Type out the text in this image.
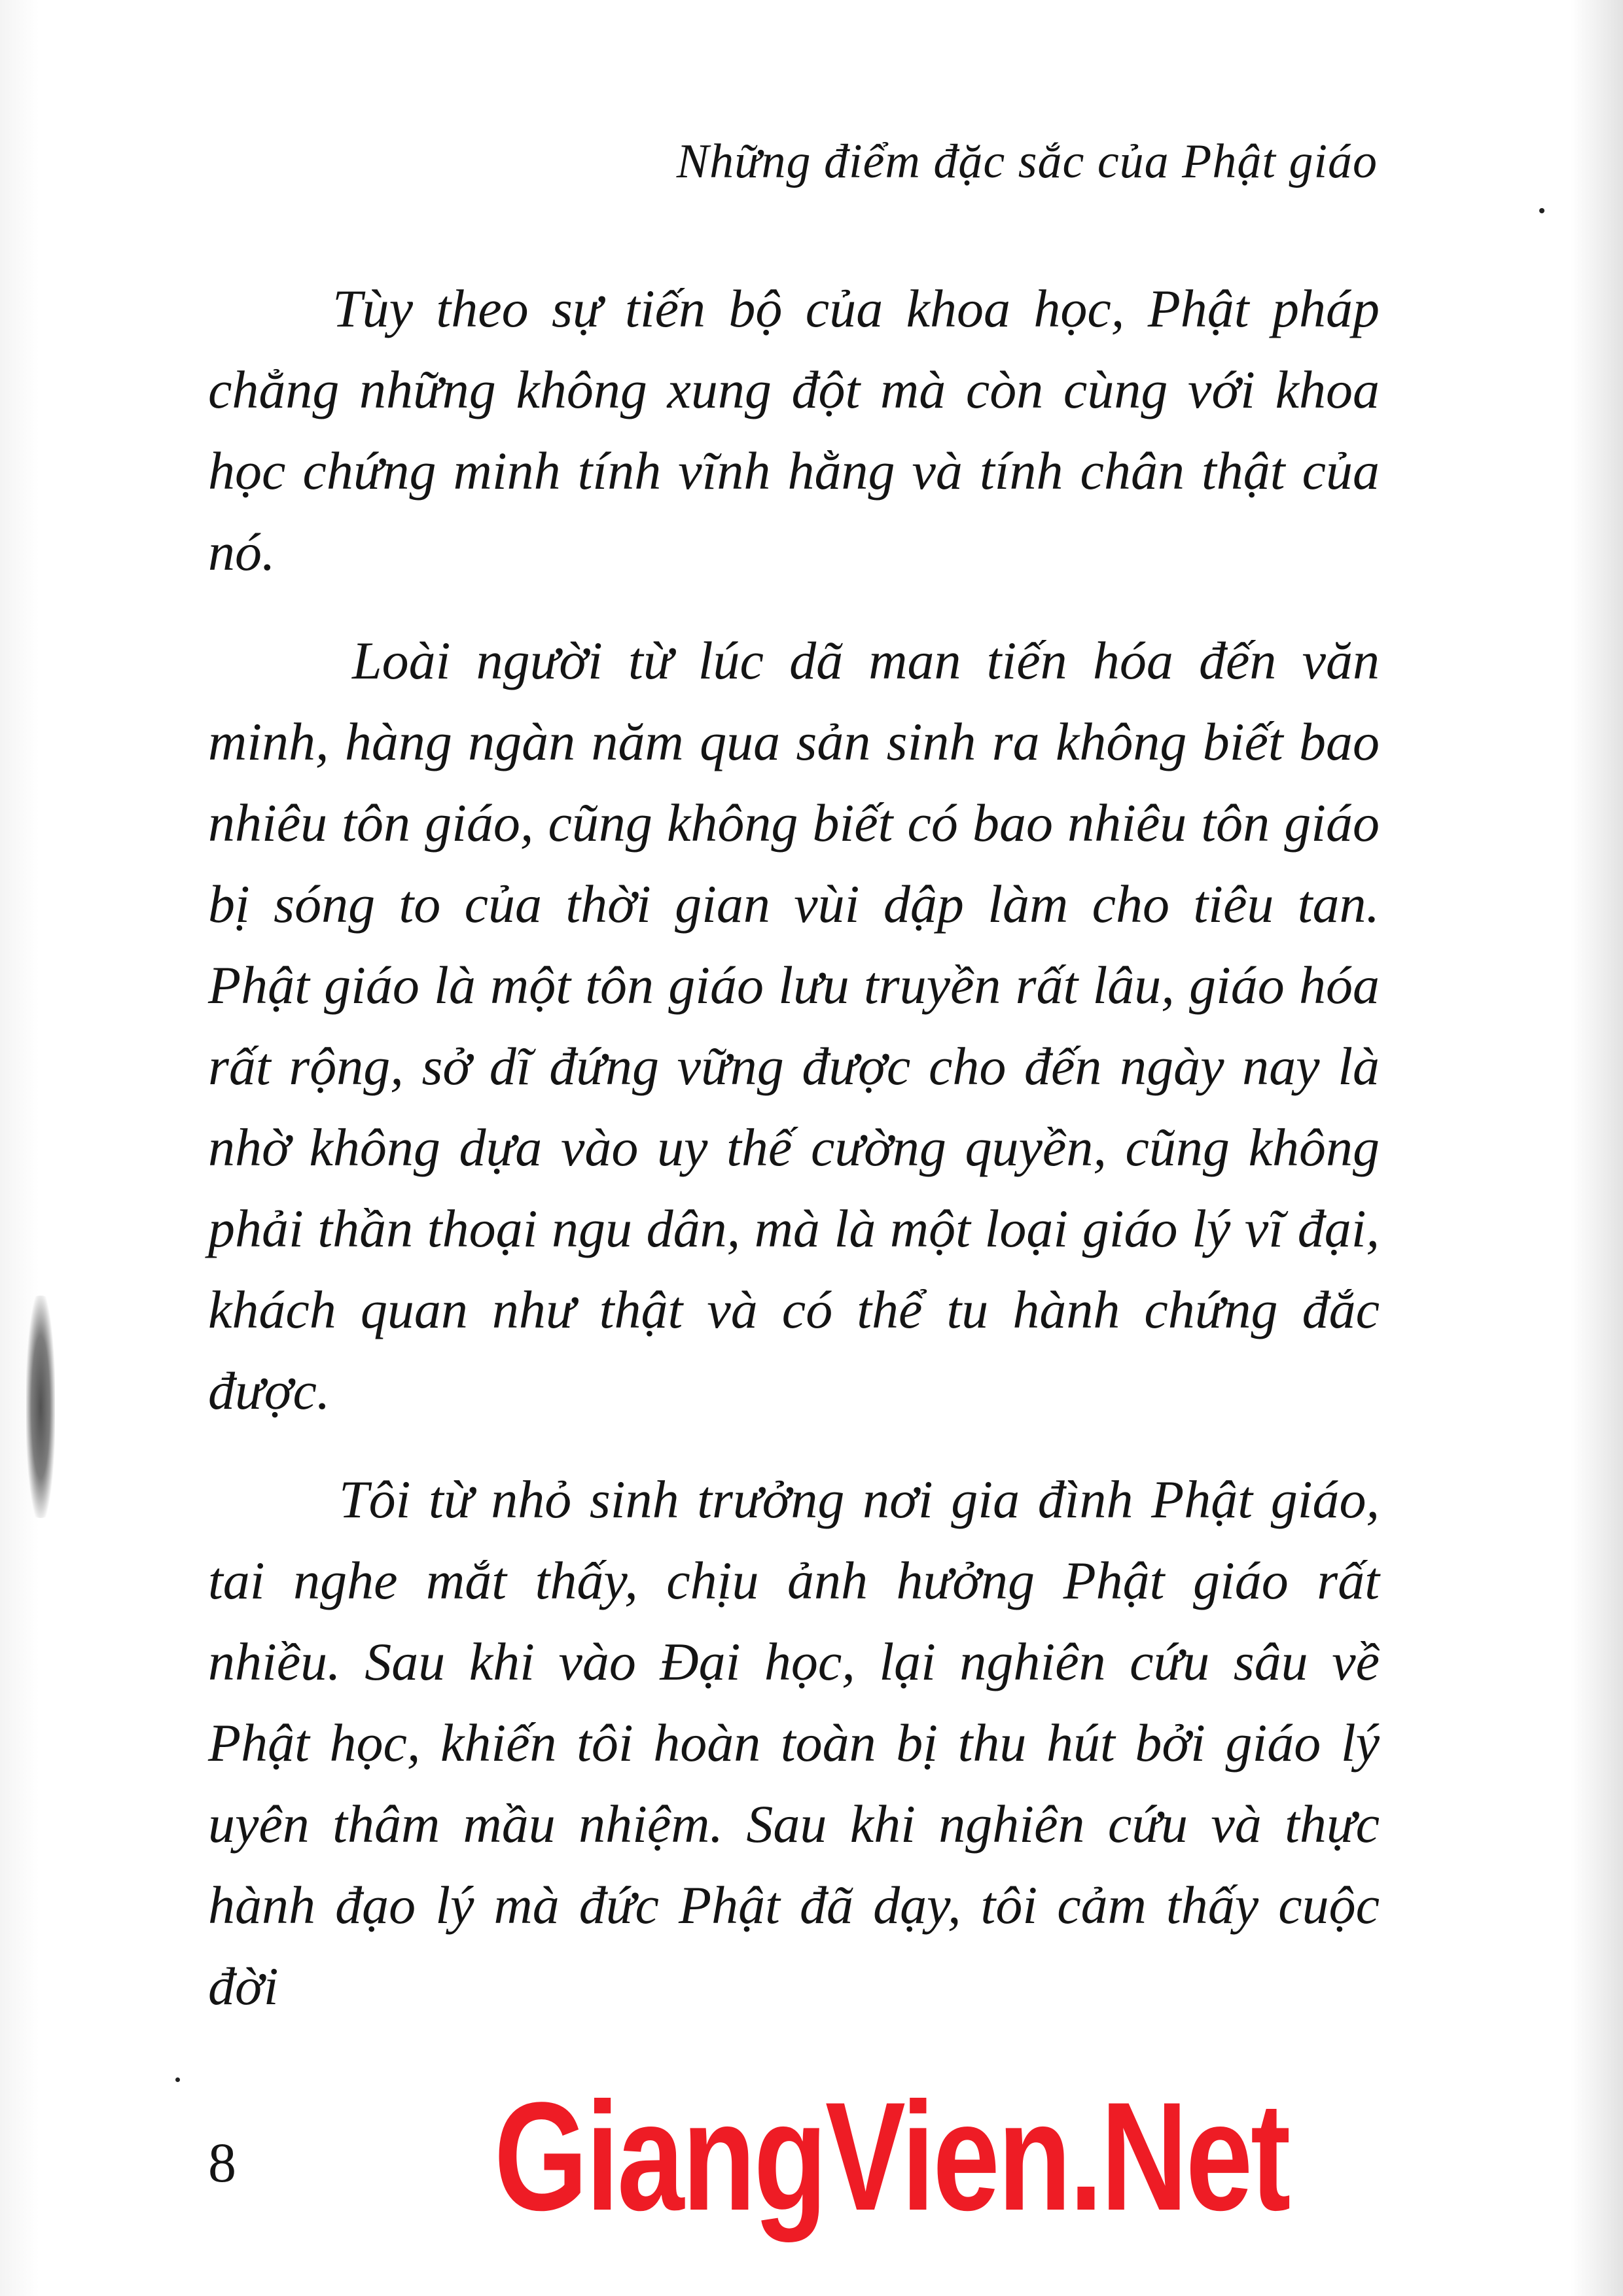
Những điểm đặc sắc của Phật giáo

Tùy theo sự tiến bộ của khoa học, Phật pháp chẳng những không xung đột mà còn cùng với khoa học chứng minh tính vĩnh hằng và tính chân thật của nó.

Loài người từ lúc dã man tiến hóa đến văn minh, hàng ngàn năm qua sản sinh ra không biết bao nhiêu tôn giáo, cũng không biết có bao nhiêu tôn giáo bị sóng to của thời gian vùi dập làm cho tiêu tan. Phật giáo là một tôn giáo lưu truyền rất lâu, giáo hóa rất rộng, sở dĩ đứng vững được cho đến ngày nay là nhờ không dựa vào uy thế cường quyền, cũng không phải thần thoại ngu dân, mà là một loại giáo lý vĩ đại, khách quan như thật và có thể tu hành chứng đắc được.

Tôi từ nhỏ sinh trưởng nơi gia đình Phật giáo, tai nghe mắt thấy, chịu ảnh hưởng Phật giáo rất nhiều. Sau khi vào Đại học, lại nghiên cứu sâu về Phật học, khiến tôi hoàn toàn bị thu hút bởi giáo lý uyên thâm mầu nhiệm. Sau khi nghiên cứu và thực hành đạo lý mà đức Phật đã dạy, tôi cảm thấy cuộc đời

8 GiangVien.Net
